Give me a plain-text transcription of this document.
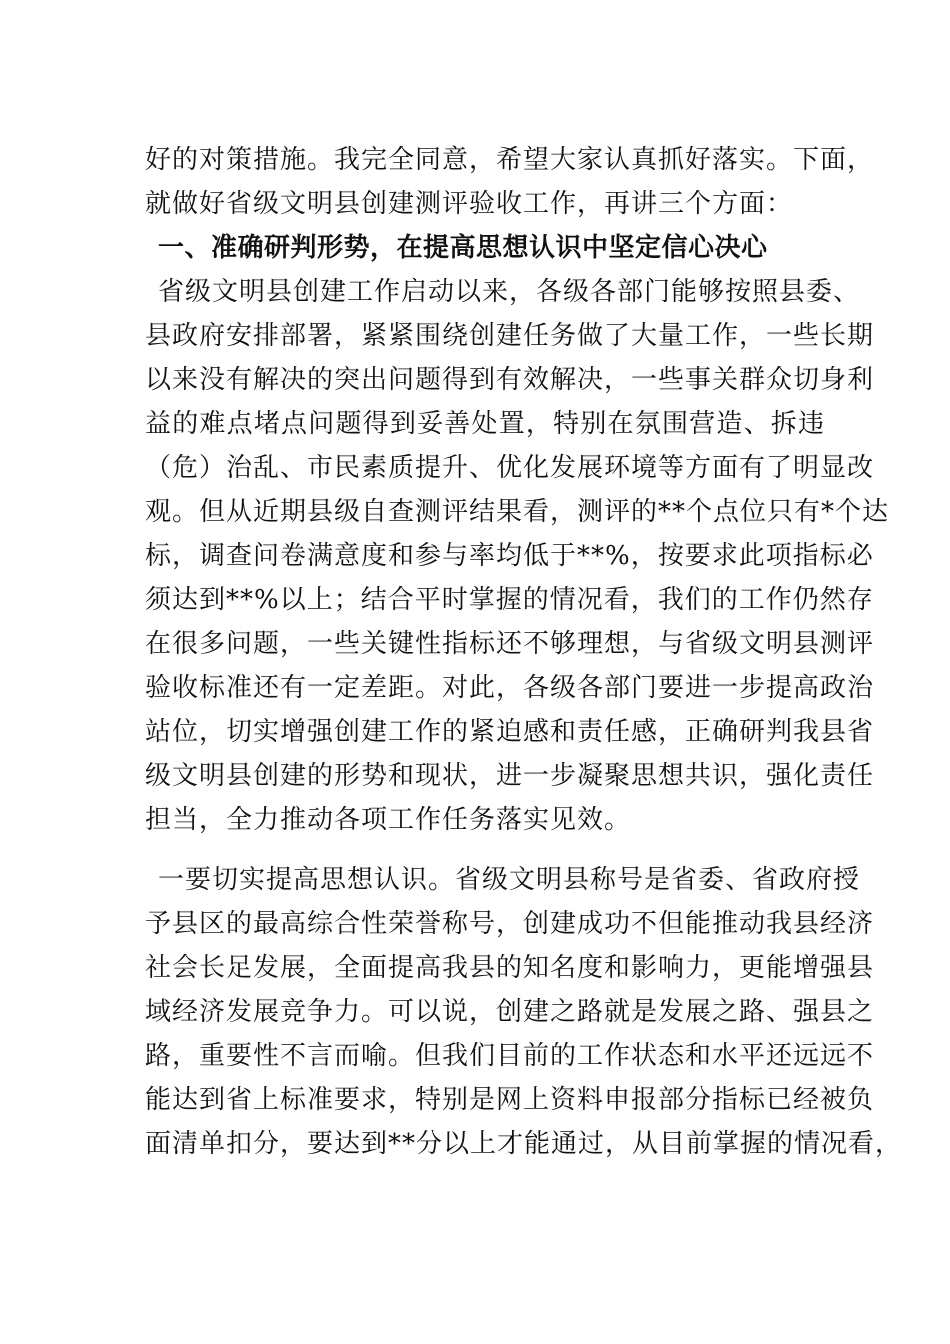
好的对策措施。我完全同意，希望大家认真抓好落实。下面，
就做好省级文明县创建测评验收工作，再讲三个方面：
一、准确研判形势，在提高思想认识中坚定信心决心
省级文明县创建工作启动以来，各级各部门能够按照县委、
县政府安排部署，紧紧围绕创建任务做了大量工作，一些长期
以来没有解决的突出问题得到有效解决，一些事关群众切身利
益的难点堵点问题得到妥善处置，特别在氛围营造、拆违
（危）治乱、市民素质提升、优化发展环境等方面有了明显改
观。但从近期县级自查测评结果看，测评的**个点位只有*个达
标，调查问卷满意度和参与率均低于**%，按要求此项指标必
须达到**%以上；结合平时掌握的情况看，我们的工作仍然存
在很多问题，一些关键性指标还不够理想，与省级文明县测评
验收标准还有一定差距。对此，各级各部门要进一步提高政治
站位，切实增强创建工作的紧迫感和责任感，正确研判我县省
级文明县创建的形势和现状，进一步凝聚思想共识，强化责任
担当，全力推动各项工作任务落实见效。
一要切实提高思想认识。省级文明县称号是省委、省政府授
予县区的最高综合性荣誉称号，创建成功不但能推动我县经济
社会长足发展，全面提高我县的知名度和影响力，更能增强县
域经济发展竞争力。可以说，创建之路就是发展之路、强县之
路，重要性不言而喻。但我们目前的工作状态和水平还远远不
能达到省上标准要求，特别是网上资料申报部分指标已经被负
面清单扣分，要达到**分以上才能通过，从目前掌握的情况看，
